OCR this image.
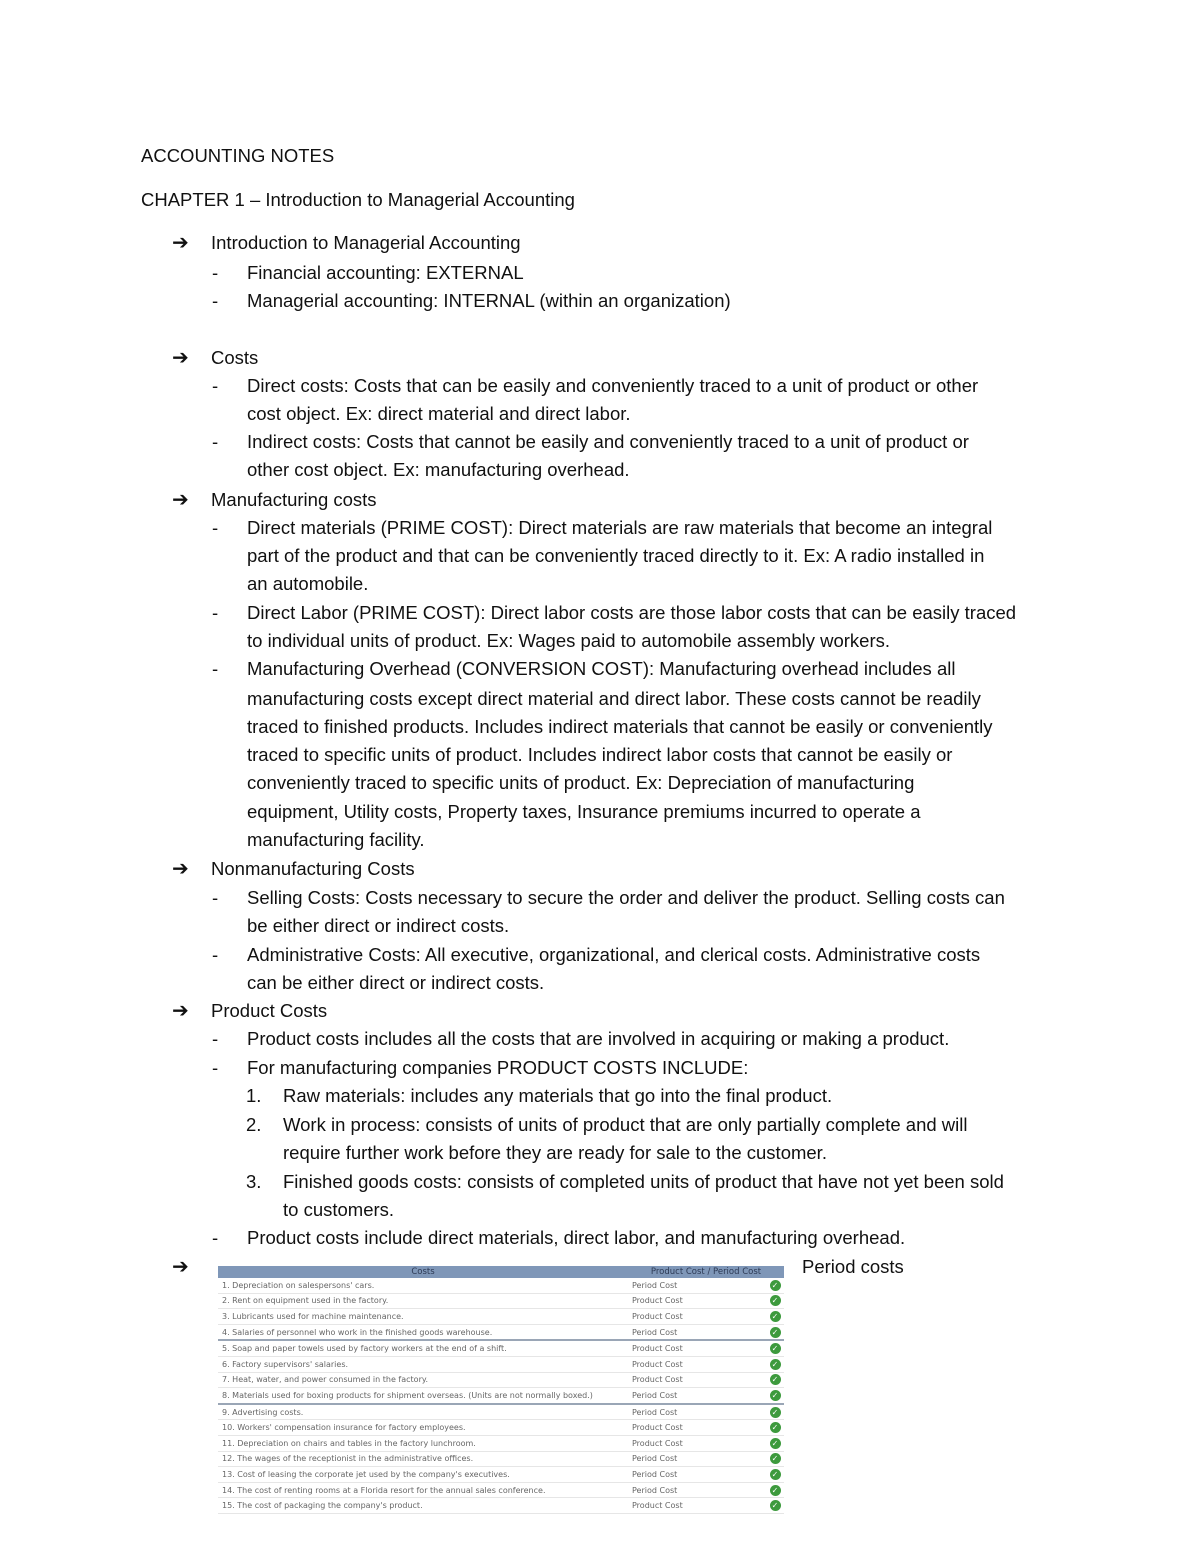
ACCOUNTING NOTES
CHAPTER 1 – Introduction to Managerial Accounting
➔	Introduction to Managerial Accounting
-	Financial accounting: EXTERNAL
-	Managerial accounting: INTERNAL (within an organization)
➔	Costs
-	Direct costs: Costs that can be easily and conveniently traced to a unit of product or other
cost object. Ex: direct material and direct labor.
-	Indirect costs: Costs that cannot be easily and conveniently traced to a unit of product or
other cost object. Ex: manufacturing overhead.
➔	Manufacturing costs
-	Direct materials (PRIME COST): Direct materials are raw materials that become an integral
part of the product and that can be conveniently traced directly to it. Ex: A radio installed in
an automobile.
-	Direct Labor (PRIME COST): Direct labor costs are those labor costs that can be easily traced
to individual units of product. Ex: Wages paid to automobile assembly workers.
-	Manufacturing Overhead (CONVERSION COST): Manufacturing overhead includes all
manufacturing costs except direct material and direct labor. These costs cannot be readily
traced to finished products. Includes indirect materials that cannot be easily or conveniently
traced to specific units of product. Includes indirect labor costs that cannot be easily or
conveniently traced to specific units of product. Ex: Depreciation of manufacturing
equipment, Utility costs, Property taxes, Insurance premiums incurred to operate a
manufacturing facility.
➔	Nonmanufacturing Costs
-	Selling Costs: Costs necessary to secure the order and deliver the product. Selling costs can
be either direct or indirect costs.
-	Administrative Costs: All executive, organizational, and clerical costs. Administrative costs
can be either direct or indirect costs.
➔	Product Costs
-	Product costs includes all the costs that are involved in acquiring or making a product.
-	For manufacturing companies PRODUCT COSTS INCLUDE:
1.	Raw materials: includes any materials that go into the final product.
2.	Work in process: consists of units of product that are only partially complete and will
require further work before they are ready for sale to the customer.
3.	Finished goods costs: consists of completed units of product that have not yet been sold
to customers.
-	Product costs include direct materials, direct labor, and manufacturing overhead.
➔	Period costs
Costs	Product Cost / Period Cost	
1. Depreciation on salespersons' cars.	Period Cost	✓
2. Rent on equipment used in the factory.	Product Cost	✓
3. Lubricants used for machine maintenance.	Product Cost	✓
4. Salaries of personnel who work in the finished goods warehouse.	Period Cost	✓
5. Soap and paper towels used by factory workers at the end of a shift.	Product Cost	✓
6. Factory supervisors' salaries.	Product Cost	✓
7. Heat, water, and power consumed in the factory.	Product Cost	✓
8. Materials used for boxing products for shipment overseas. (Units are not normally boxed.)	Period Cost	✓
9. Advertising costs.	Period Cost	✓
10. Workers' compensation insurance for factory employees.	Product Cost	✓
11. Depreciation on chairs and tables in the factory lunchroom.	Product Cost	✓
12. The wages of the receptionist in the administrative offices.	Period Cost	✓
13. Cost of leasing the corporate jet used by the company's executives.	Period Cost	✓
14. The cost of renting rooms at a Florida resort for the annual sales conference.	Period Cost	✓
15. The cost of packaging the company's product.	Product Cost	✓
